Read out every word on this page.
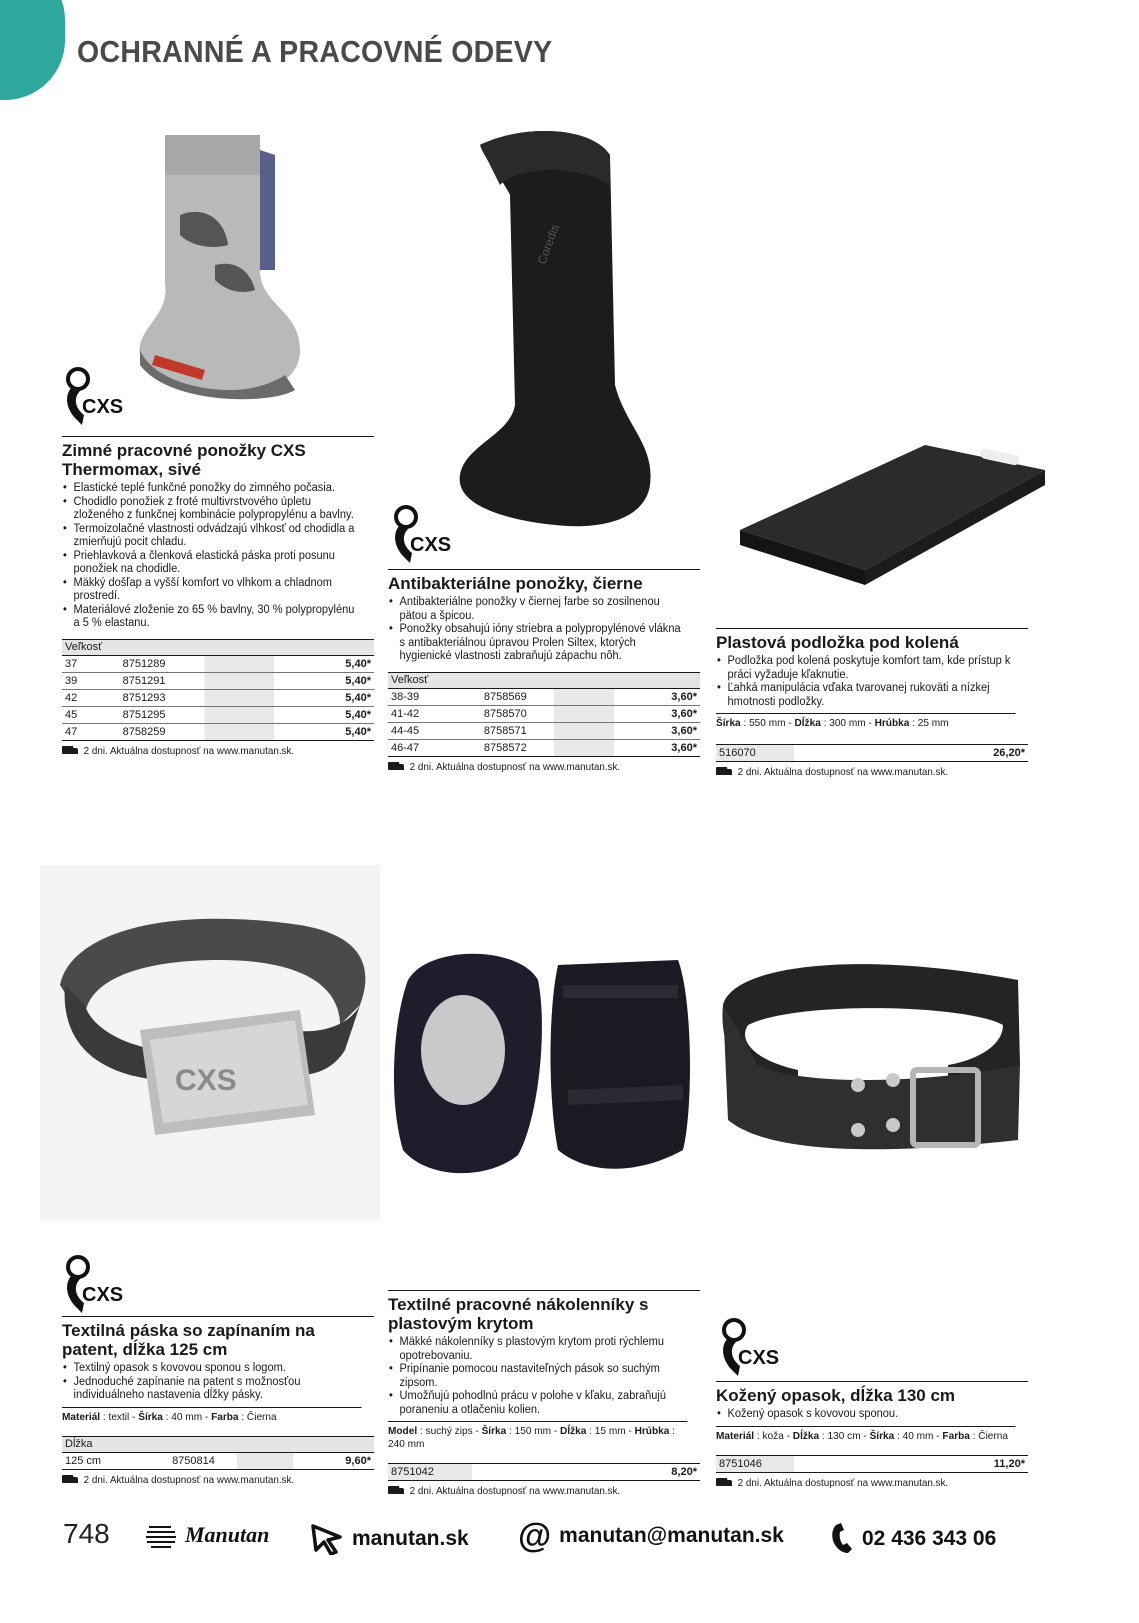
OCHRANNÉ A PRACOVNÉ ODEVY
CXS
Zimné pracovné ponožky CXS Thermomax, sivé
• Elastické teplé funkčné ponožky do zimného počasia.
• Chodidlo ponožiek z froté multivrstvového úpletu zloženého z funkčnej kombinácie polypropylénu a bavlny.
• Termoizolačné vlastnosti odvádzajú vlhkosť od chodidla a zmierňujú pocit chladu.
• Priehlavková a členková elastická páska proti posunu ponožiek na chodidle.
• Mäkký došľap a vyšší komfort vo vlhkom a chladnom prostredí.
• Materiálové zloženie zo 65 % bavlny, 30 % polypropylénu a 5 % elastanu.
Veľkosť		
37	8751289	5,40*
39	8751291	5,40*
42	8751293	5,40*
45	8751295	5,40*
47	8758259	5,40*
2 dni. Aktuálna dostupnosť na www.manutan.sk.
Coredis
CXS
Antibakteriálne ponožky, čierne
• Antibakteriálne ponožky v čiernej farbe so zosilnenou pätou a špicou.
• Ponožky obsahujú ióny striebra a polypropylénové vlákna s antibakteriálnou úpravou Prolen Siltex, ktorých hygienické vlastnosti zabraňujú zápachu nôh.
Veľkosť		
38-39	8758569	3,60*
41-42	8758570	3,60*
44-45	8758571	3,60*
46-47	8758572	3,60*
2 dni. Aktuálna dostupnosť na www.manutan.sk.
Plastová podložka pod kolená
• Podložka pod kolená poskytuje komfort tam, kde prístup k práci vyžaduje kľaknutie.
• Ľahká manipulácia vďaka tvarovanej rukoväti a nízkej hmotnosti podložky.
Šírka : 550 mm - Dĺžka : 300 mm - Hrúbka : 25 mm
516070	26,20*
2 dni. Aktuálna dostupnosť na www.manutan.sk.
CXS
CXS
Textilná páska so zapínaním na patent, dĺžka 125 cm
• Textilný opasok s kovovou sponou s logom.
• Jednoduché zapínanie na patent s možnosťou individuálneho nastavenia dĺžky pásky.
Materiál : textil - Šírka : 40 mm - Farba : Čierna
Dĺžka
125 cm	8750814	9,60*
2 dni. Aktuálna dostupnosť na www.manutan.sk.
Textilné pracovné nákolenníky s plastovým krytom
• Mäkké nákolenníky s plastovým krytom proti rýchlemu opotrebovaniu.
• Pripínanie pomocou nastaviteľných pások so suchým zipsom.
• Umožňujú pohodlnú prácu v polohe v kľaku, zabraňujú poraneniu a otlačeniu kolien.
Model : suchý zips - Šírka : 150 mm - Dĺžka : 15 mm - Hrúbka : 240 mm
8751042	8,20*
2 dni. Aktuálna dostupnosť na www.manutan.sk.
CXS
Kožený opasok, dĺžka 130 cm
• Kožený opasok s kovovou sponou.
Materiál : koža - Dĺžka : 130 cm - Šírka : 40 mm - Farba : Čierna
8751046	11,20*
2 dni. Aktuálna dostupnosť na www.manutan.sk.
748	Manutan	manutan.sk @ manutan@manutan.sk	02 436 343 06
